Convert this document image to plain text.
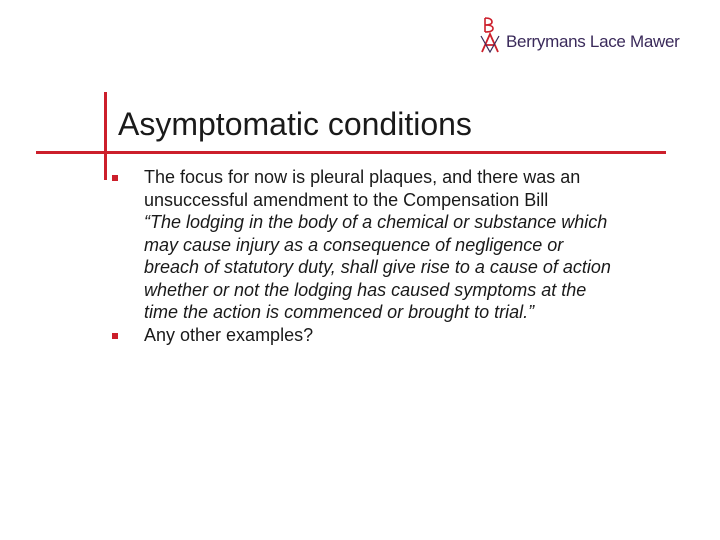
Berrymans Lace Mawer
Asymptomatic conditions
The focus for now is pleural plaques, and there was an
unsuccessful amendment to the Compensation Bill
“The lodging in the body of a chemical or substance which
may cause injury as a consequence of negligence or
breach of statutory duty, shall give rise to a cause of action
whether or not the lodging has caused symptoms at the
time the action is commenced or brought to trial.”
Any other examples?
